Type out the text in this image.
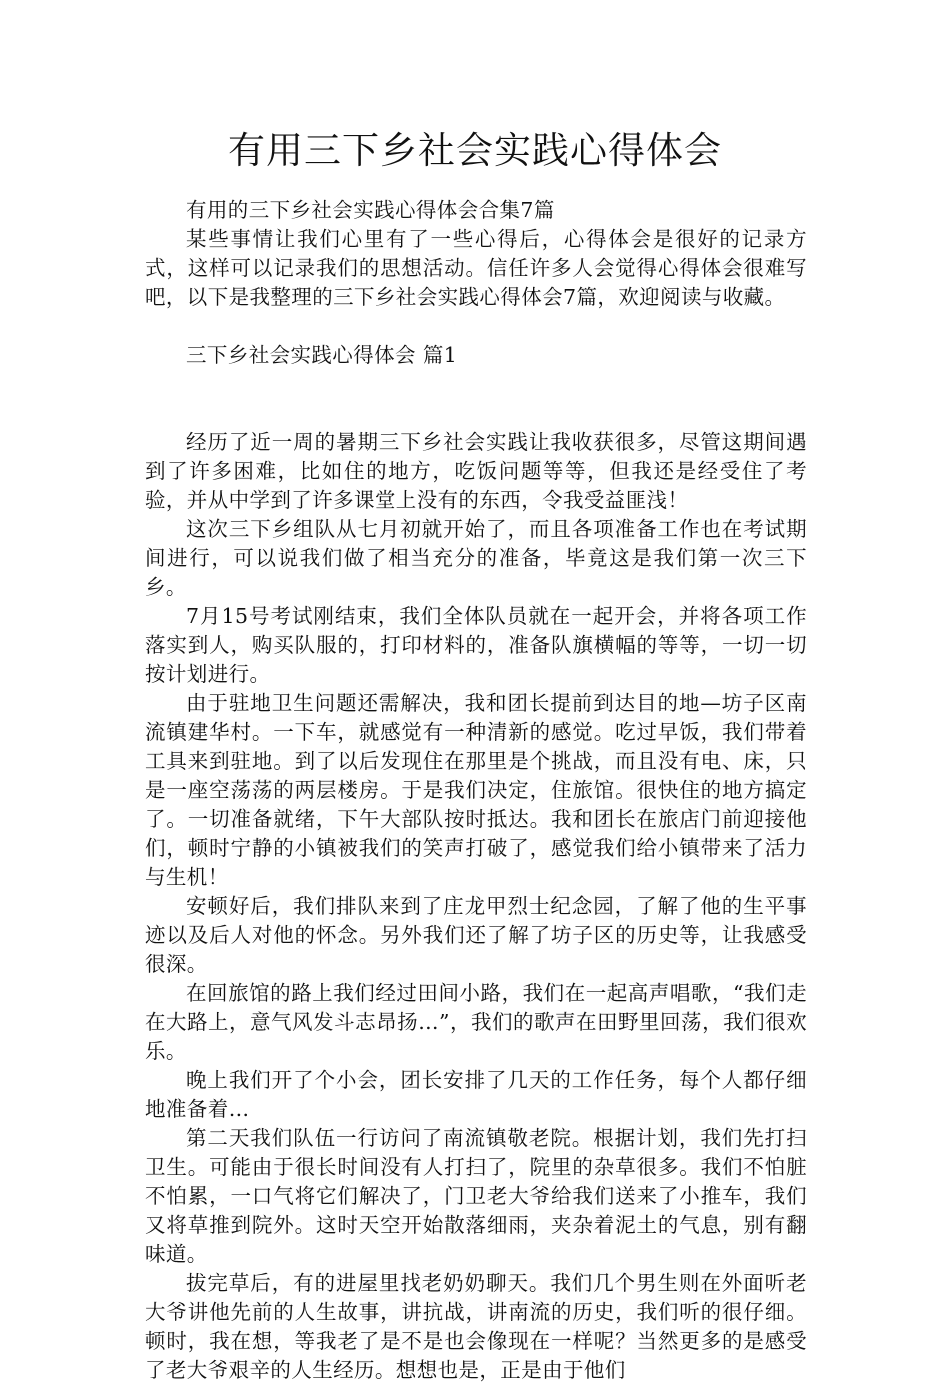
有用三下乡社会实践心得体会

有用的三下乡社会实践心得体会合集7篇

某些事情让我们心里有了一些心得后，心得体会是很好的记录方式，这样可以记录我们的思想活动。信任许多人会觉得心得体会很难写吧，以下是我整理的三下乡社会实践心得体会7篇，欢迎阅读与收藏。

三下乡社会实践心得体会 篇1

经历了近一周的暑期三下乡社会实践让我收获很多，尽管这期间遇到了许多困难，比如住的地方，吃饭问题等等，但我还是经受住了考验，并从中学到了许多课堂上没有的东西，令我受益匪浅！

这次三下乡组队从七月初就开始了，而且各项准备工作也在考试期间进行，可以说我们做了相当充分的准备，毕竟这是我们第一次三下乡。

7月15号考试刚结束，我们全体队员就在一起开会，并将各项工作落实到人，购买队服的，打印材料的，准备队旗横幅的等等，一切一切按计划进行。

由于驻地卫生问题还需解决，我和团长提前到达目的地—坊子区南流镇建华村。一下车，就感觉有一种清新的感觉。吃过早饭，我们带着工具来到驻地。到了以后发现住在那里是个挑战，而且没有电、床，只是一座空荡荡的两层楼房。于是我们决定，住旅馆。很快住的地方搞定了。一切准备就绪，下午大部队按时抵达。我和团长在旅店门前迎接他们，顿时宁静的小镇被我们的笑声打破了，感觉我们给小镇带来了活力与生机！

安顿好后，我们排队来到了庄龙甲烈士纪念园，了解了他的生平事迹以及后人对他的怀念。另外我们还了解了坊子区的历史等，让我感受很深。

在回旅馆的路上我们经过田间小路，我们在一起高声唱歌，“我们走在大路上，意气风发斗志昂扬…”，我们的歌声在田野里回荡，我们很欢乐。

晚上我们开了个小会，团长安排了几天的工作任务，每个人都仔细地准备着…

第二天我们队伍一行访问了南流镇敬老院。根据计划，我们先打扫卫生。可能由于很长时间没有人打扫了，院里的杂草很多。我们不怕脏不怕累，一口气将它们解决了，门卫老大爷给我们送来了小推车，我们又将草推到院外。这时天空开始散落细雨，夹杂着泥土的气息，别有翻味道。

拔完草后，有的进屋里找老奶奶聊天。我们几个男生则在外面听老大爷讲他先前的人生故事，讲抗战，讲南流的历史，我们听的很仔细。顿时，我在想，等我老了是不是也会像现在一样呢？当然更多的是感受了老大爷艰辛的人生经历。想想也是，正是由于他们
